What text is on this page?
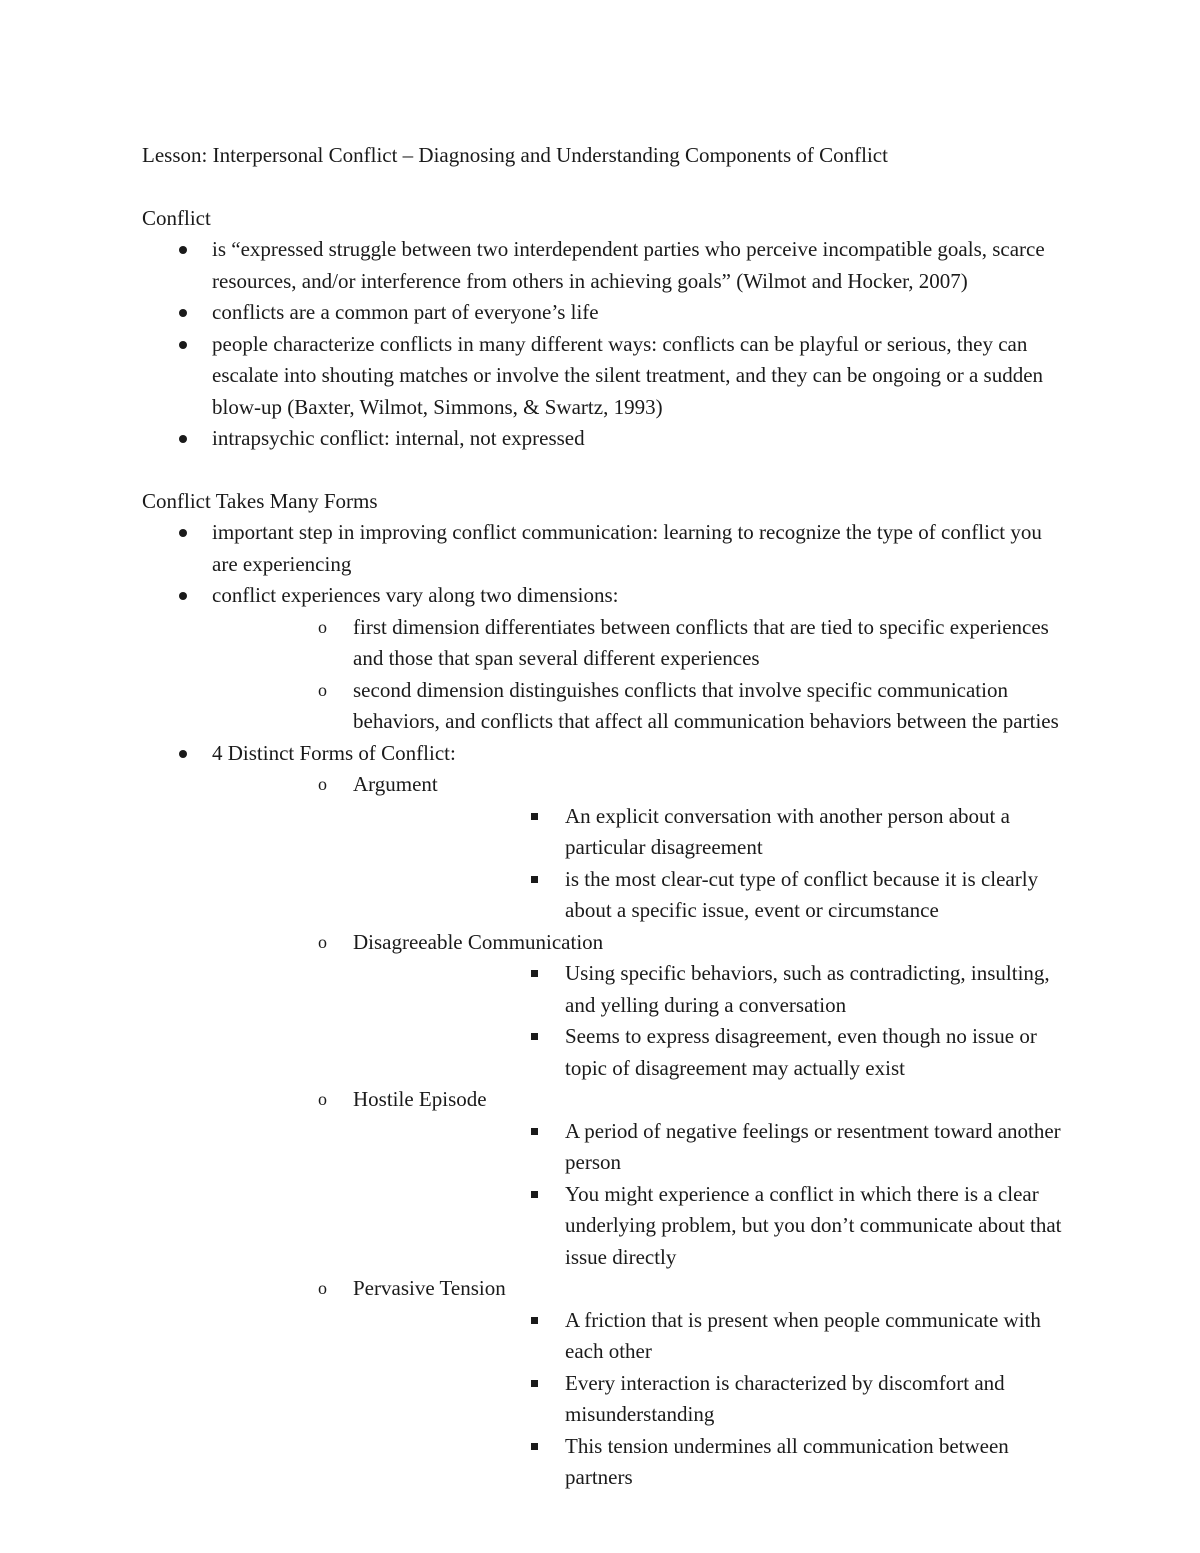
Lesson: Interpersonal Conflict – Diagnosing and Understanding Components of Conflict

Conflict

is “expressed struggle between two interdependent parties who perceive incompatible goals, scarce resources, and/or interference from others in achieving goals” (Wilmot and Hocker, 2007)
conflicts are a common part of everyone’s life
people characterize conflicts in many different ways: conflicts can be playful or serious, they can escalate into shouting matches or involve the silent treatment, and they can be ongoing or a sudden blow-up (Baxter, Wilmot, Simmons, & Swartz, 1993)
intrapsychic conflict: internal, not expressed

Conflict Takes Many Forms

important step in improving conflict communication: learning to recognize the type of conflict you are experiencing
conflict experiences vary along two dimensions:
o first dimension differentiates between conflicts that are tied to specific experiences and those that span several different experiences
o second dimension distinguishes conflicts that involve specific communication behaviors, and conflicts that affect all communication behaviors between the parties
4 Distinct Forms of Conflict:
o Argument
An explicit conversation with another person about a particular disagreement
is the most clear-cut type of conflict because it is clearly about a specific issue, event or circumstance
o Disagreeable Communication
Using specific behaviors, such as contradicting, insulting, and yelling during a conversation
Seems to express disagreement, even though no issue or topic of disagreement may actually exist
o Hostile Episode
A period of negative feelings or resentment toward another person
You might experience a conflict in which there is a clear underlying problem, but you don’t communicate about that issue directly
o Pervasive Tension
A friction that is present when people communicate with each other
Every interaction is characterized by discomfort and misunderstanding
This tension undermines all communication between partners
